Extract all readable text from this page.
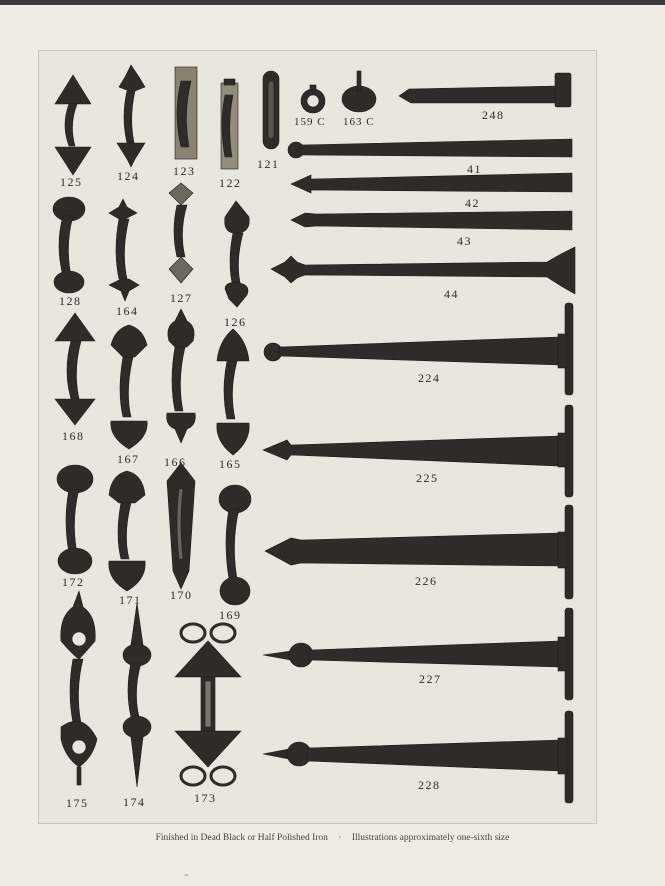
248
41
42
43
44
224
225
226
227
228
125	124	123
122
121
159 C 163 C
128
164
127
126
168
167 166	165
172
171 170
169
175	174	173
Finished in Dead Black or Half Polished Iron · Illustrations approximately one-sixth size
=
